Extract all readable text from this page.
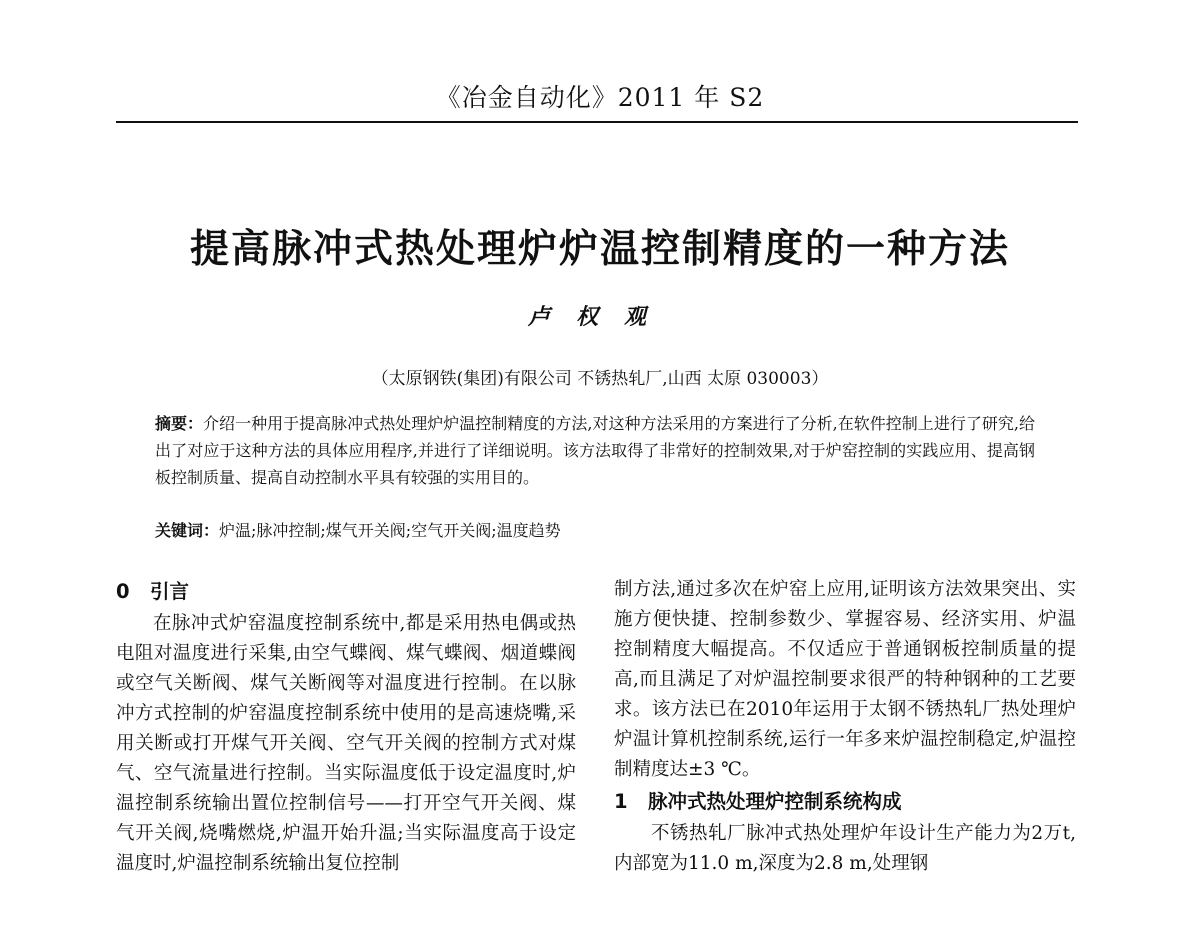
《冶金自动化》2011 年 S2
提高脉冲式热处理炉炉温控制精度的一种方法
卢权观
（太原钢铁(集团)有限公司 不锈热轧厂,山西 太原 030003）
摘要：介绍一种用于提高脉冲式热处理炉炉温控制精度的方法,对这种方法采用的方案进行了分析,在软件控制上进行了研究,给出了对应于这种方法的具体应用程序,并进行了详细说明。该方法取得了非常好的控制效果,对于炉窑控制的实践应用、提高钢板控制质量、提高自动控制水平具有较强的实用目的。
关键词：炉温;脉冲控制;煤气开关阀;空气开关阀;温度趋势
0 引言
在脉冲式炉窑温度控制系统中,都是采用热电偶或热电阻对温度进行采集,由空气蝶阀、煤气蝶阀、烟道蝶阀或空气关断阀、煤气关断阀等对温度进行控制。在以脉冲方式控制的炉窑温度控制系统中使用的是高速烧嘴,采用关断或打开煤气开关阀、空气开关阀的控制方式对煤气、空气流量进行控制。当实际温度低于设定温度时,炉温控制系统输出置位控制信号——打开空气开关阀、煤气开关阀,烧嘴燃烧,炉温开始升温;当实际温度高于设定温度时,炉温控制系统输出复位控制
制方法,通过多次在炉窑上应用,证明该方法效果突出、实施方便快捷、控制参数少、掌握容易、经济实用、炉温控制精度大幅提高。不仅适应于普通钢板控制质量的提高,而且满足了对炉温控制要求很严的特种钢种的工艺要求。该方法已在2010年运用于太钢不锈热轧厂热处理炉炉温计算机控制系统,运行一年多来炉温控制稳定,炉温控制精度达±3 ℃。
1 脉冲式热处理炉控制系统构成
不锈热轧厂脉冲式热处理炉年设计生产能力为2万t,内部宽为11.0 m,深度为2.8 m,处理钢
